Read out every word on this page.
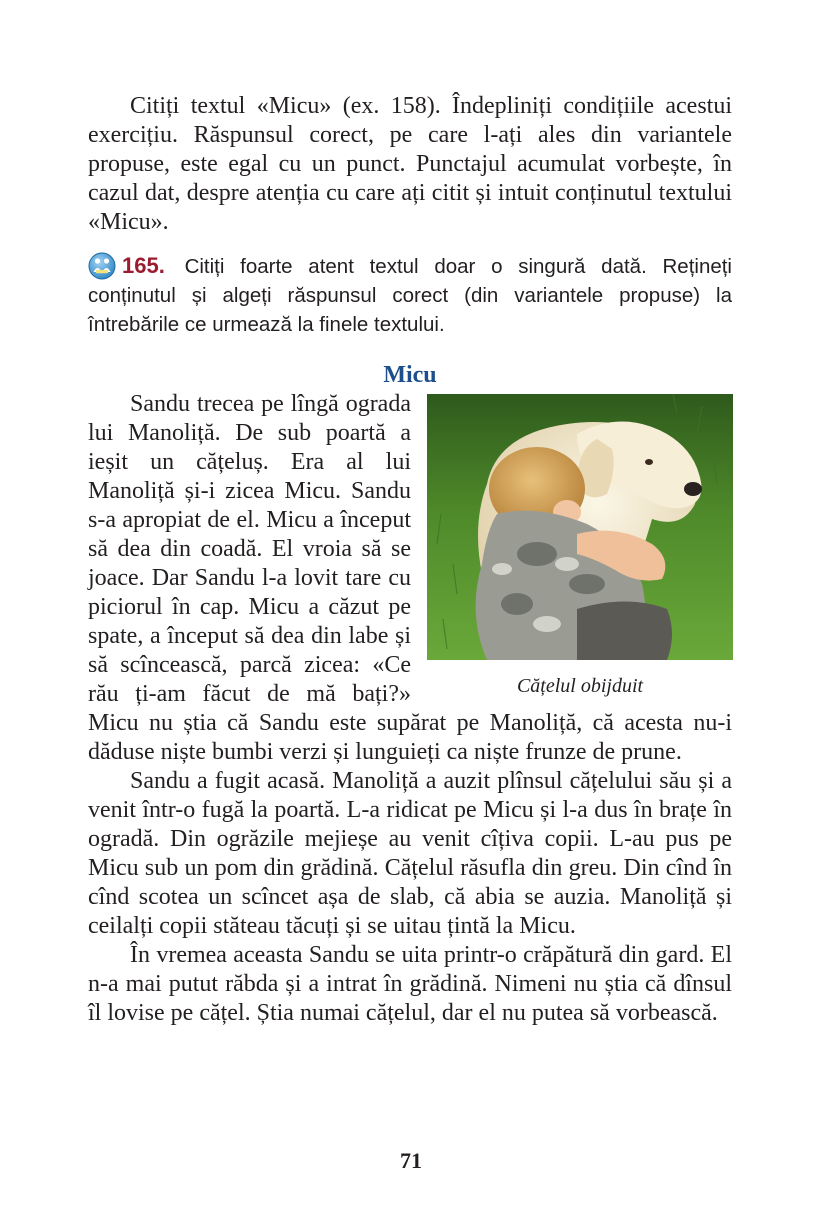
Citiți textul «Micu» (ex. 158). Îndepliniți condițiile acestui exercițiu. Răspunsul corect, pe care l-ați ales din variantele propuse, este egal cu un punct. Punctajul acumulat vorbește, în cazul dat, despre atenția cu care ați citit și intuit conținutul textului «Micu».

165. Citiți foarte atent textul doar o singură dată. Rețineți conținutul și algeți răspunsul corect (din variantele propuse) la întrebările ce urmează la finele textului.

Micu
Cățelul obijduit

Sandu trecea pe lîngă ograda lui Manoliță. De sub poartă a ieșit un cățeluș. Era al lui Manoliță și-i zicea Micu. Sandu s-a apropiat de el. Micu a început să dea din coadă. El vroia să se joace. Dar Sandu l-a lovit tare cu piciorul în cap. Micu a căzut pe spate, a început să dea din labe și să scîncească, parcă zicea: «Ce rău ți-am făcut de mă bați?» Micu nu știa că Sandu este supărat pe Manoliță, că acesta nu-i dăduse niște bumbi verzi și lunguieți ca niște frunze de prune.

Sandu a fugit acasă. Manoliță a auzit plînsul cățelului său și a venit într-o fugă la poartă. L-a ridicat pe Micu și l-a dus în brațe în ogradă. Din ogrăzile mejieșe au venit cîțiva copii. L-au pus pe Micu sub un pom din grădină. Cățelul răsufla din greu. Din cînd în cînd scotea un scîncet așa de slab, că abia se auzia. Manoliță și ceilalți copii stăteau tăcuți și se uitau țintă la Micu.

În vremea aceasta Sandu se uita printr-o crăpătură din gard. El n-a mai putut răbda și a intrat în grădină. Nimeni nu știa că dînsul îl lovise pe cățel. Știa numai cățelul, dar el nu putea să vorbească.

71
